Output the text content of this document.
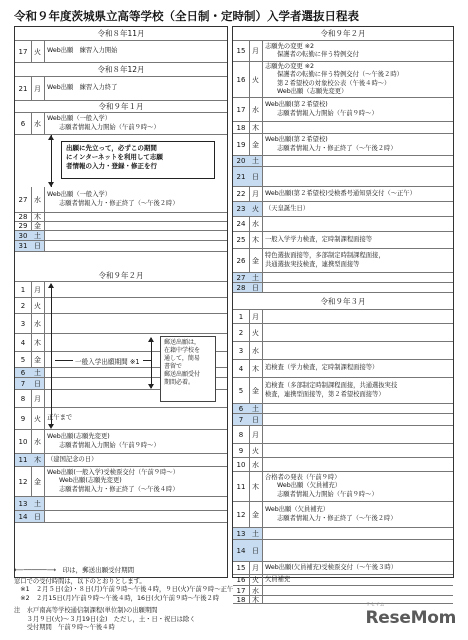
令和９年度茨城県立高等学校（全日制・定時制）入学者選抜日程表
令和８年11月
17 火 Web出願　練習入力開始
令和８年12月
21 月 Web出願　練習入力終了
令和９年１月
6	水
Web出願（一般入学）
志願者情報入力開始（午前９時～）
27 水
Web出願（一般入学）
志願者情報入力・修正終了（～午後２時）
28 木
29 金
30 土
31 日
令和９年２月
1	月
2	火
3	水
4	木
5	金
6	土
7	日
8	月
9	火 正午まで
10 水
Web出願(志願先変更)
志願者情報入力開始（午前９時～）
11 木 （建国記念の日）
12 金
Web出願(一般入学)受検票交付（午前９時～）
Web出願(志願先変更)
志願者情報入力・修正終了（～午後４時）
13 土
14 日
出願に先立って，必ずこの期間
にインターネットを利用して志願
者情報の入力・登録・修正を行
一般入学出願期間 ※1
郵送出願は，
在籍中学校を
通して，簡易
書留で
郵送出願受付
期間必着。
令和９年２月
15 月
志願先の変更 ※2
保護者の転勤に伴う特例交付
16 火
志願先の変更 ※2
保護者の転勤に伴う特例交付（～午後２時）
第２希望校の対象校公表（午後４時～）
Web出願（志願先変更）
17 水
Web出願(第２希望校)
志願者情報入力開始（午前９時～）
18 木
19 金
Web出願(第２希望校)
志願者情報入力・修正終了（～午後２時）
20 土
21 日
22 月 Web出願(第２希望校)受検番号通知票交付（～正午）
23 火 （天皇誕生日）
24 水
25 木 一般入学学力検査，定時制課程面接等
26 金
特色選抜面接等，多部制定時制課程面接，
共通選抜実技検査，連携型面接等
27 土
28 日
令和９年３月
1	月
2	火
3	水
4	木 追検査（学力検査，定時制課程面接等）
5	金
追検査（多部制定時制課程面接，共通選抜実技
検査，連携型面接等，第２希望校面接等）
6	土
7	日
8	月
9	火
10 水
11 木
合格者の発表（午前９時）
Web出願（欠員補充）
志願者情報入力開始（午前９時～）
12 金
Web出願（欠員補充）
志願者情報入力・修正終了（～午後２時）
13 土
14 日
15 月 Web出願(欠員補充)受検票交付（～午後３時）
16 火 欠員補充
17 水
18 木
⟵──────⟶　印は，郵送出願受付期間
窓口での受付時間は，以下のとおりとします。
　※1　２月５日(金)・８日(月)午前９時～午後４時，９日(火)午前９時～正午
　※2　２月15日(月)午前９時～午後４時，16日(火)午前９時～午後２時
注　水戸南高等学校通信制課程(単位制)の出願期間
　　３月９日(火)～３月19日(金)　ただし，土・日・祝日は除く
　　受付期間　午前９時～午後４時
リセマム
ReseMom
